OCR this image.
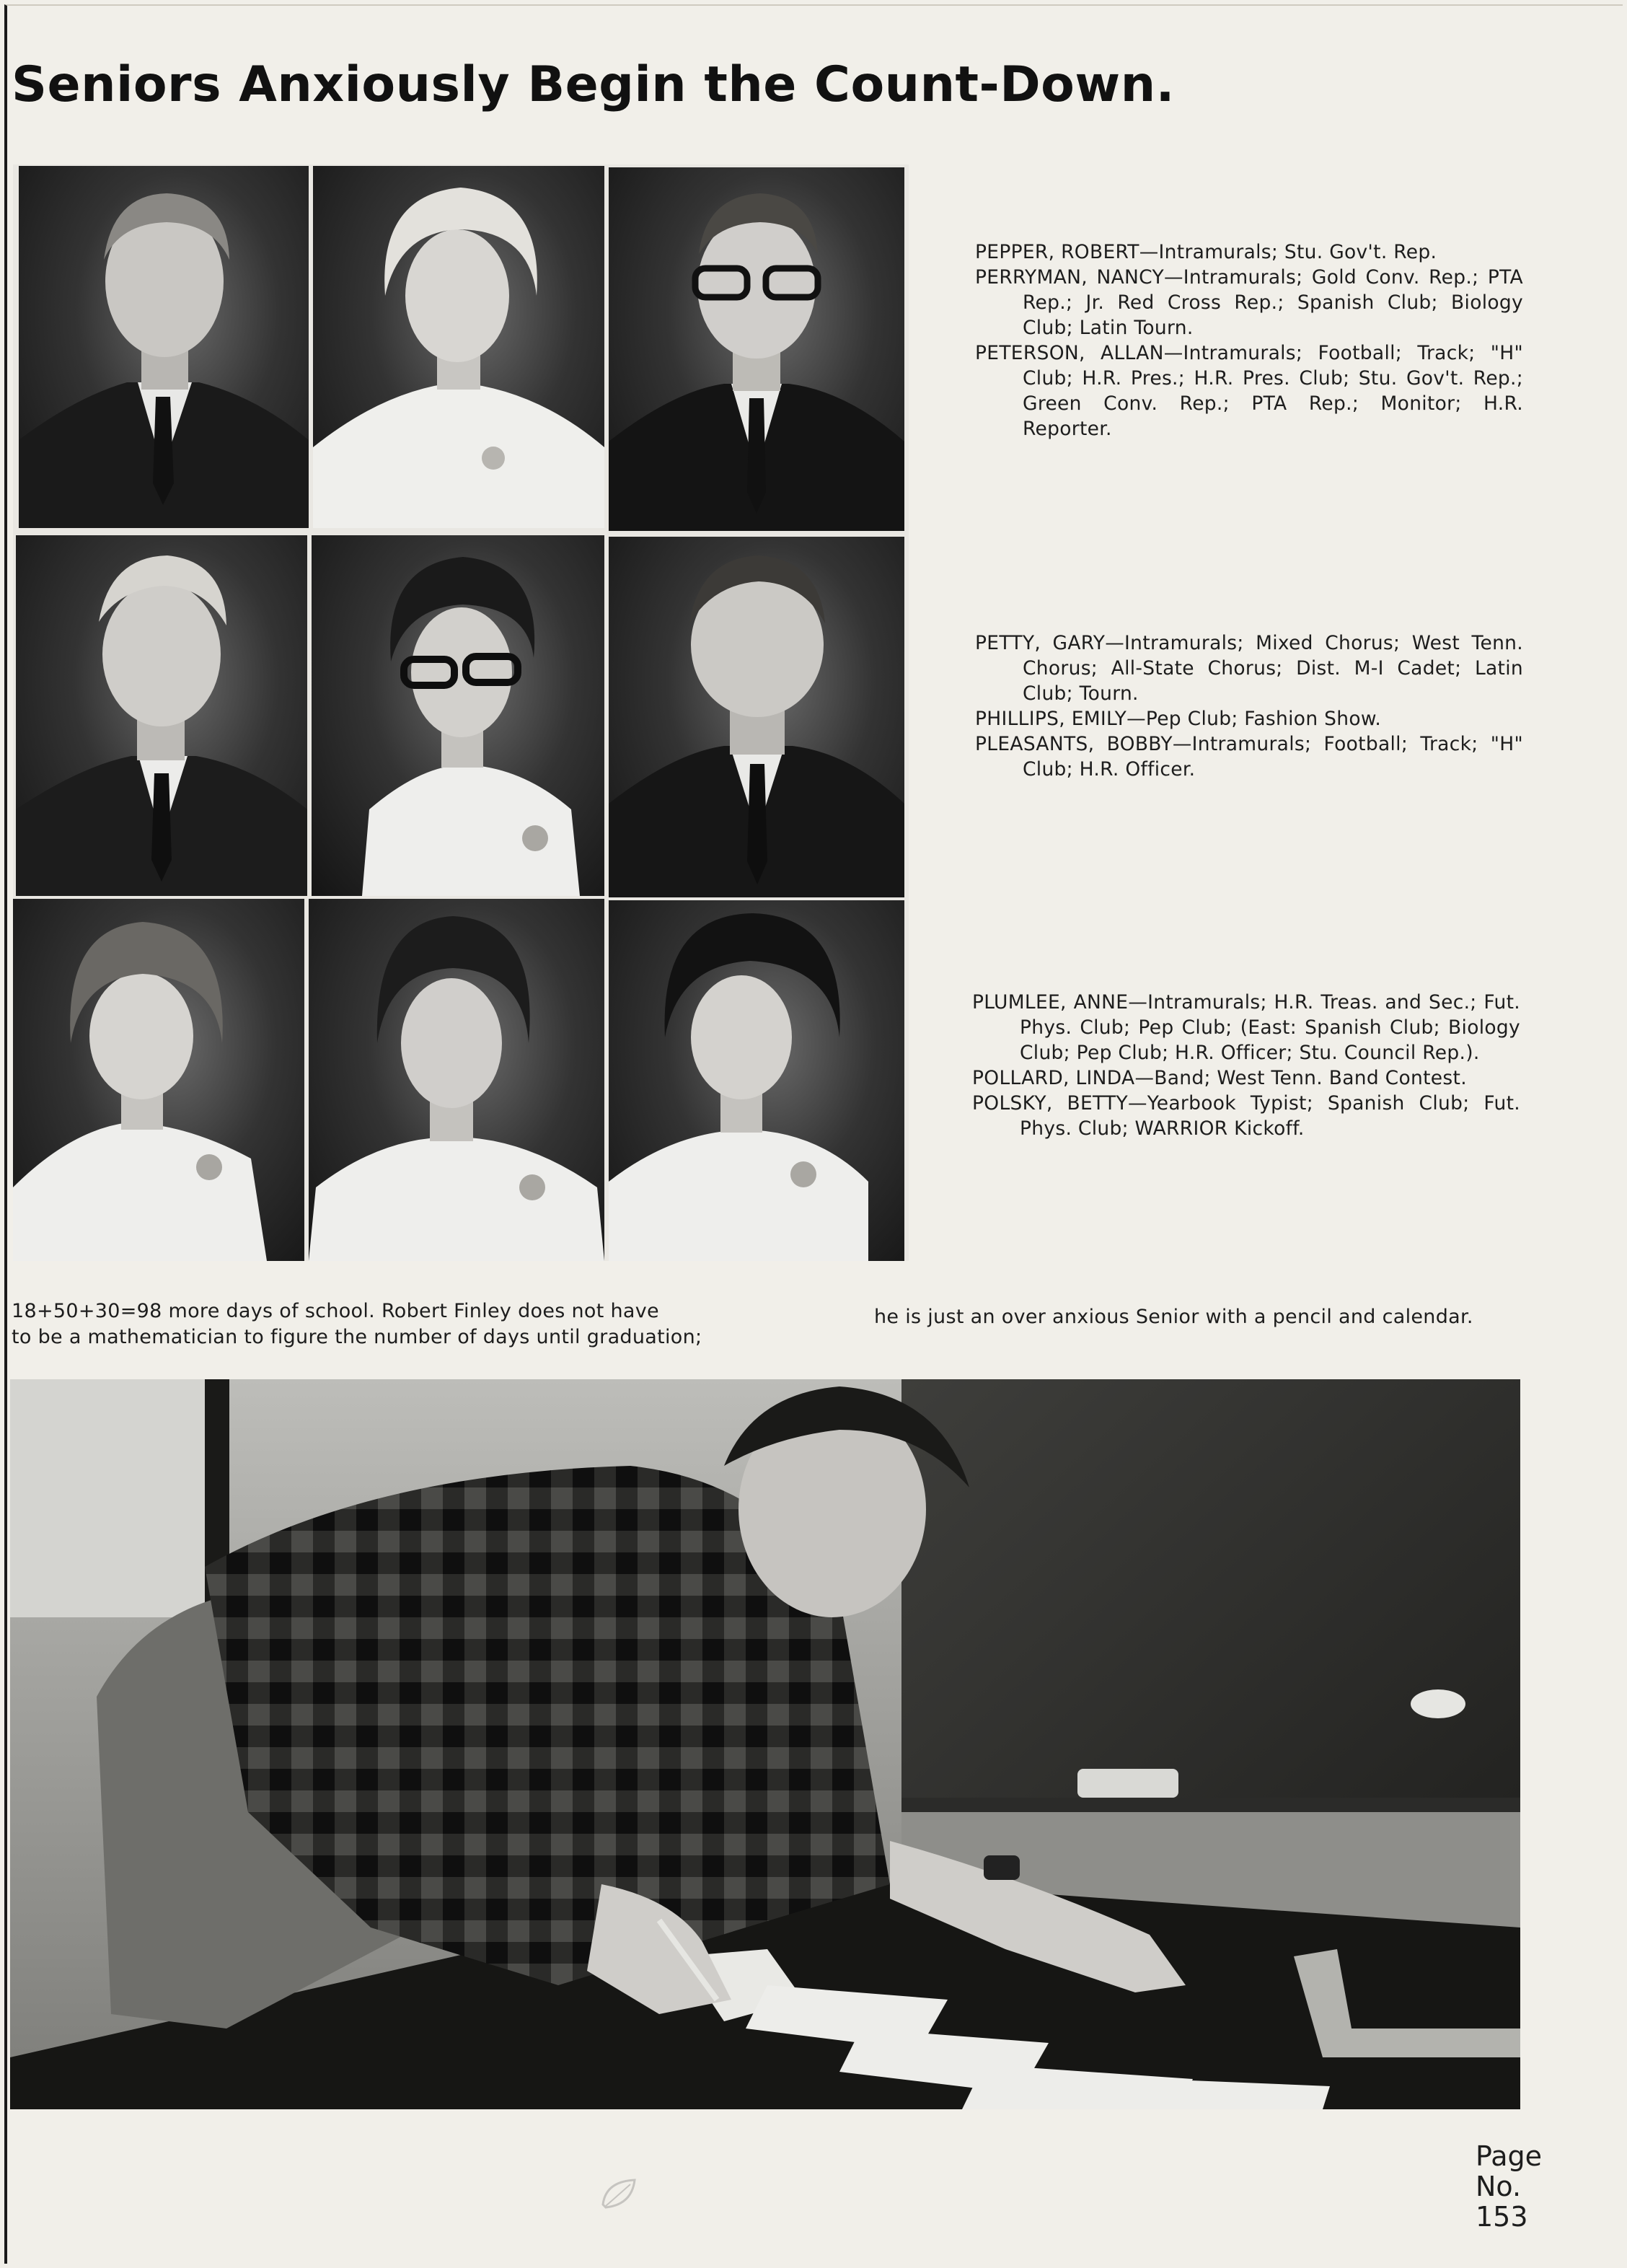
Seniors Anxiously Begin the Count-Down.

PEPPER, ROBERT—Intramurals; Stu. Gov't. Rep.

PERRYMAN, NANCY—Intramurals; Gold Conv. Rep.; PTA Rep.; Jr. Red Cross Rep.; Spanish Club; Biology Club; Latin Tourn.

PETERSON, ALLAN—Intramurals; Football; Track; "H" Club; H.R. Pres.; H.R. Pres. Club; Stu. Gov't. Rep.; Green Conv. Rep.; PTA Rep.; Monitor; H.R. Reporter.

PETTY, GARY—Intramurals; Mixed Chorus; West Tenn. Chorus; All-State Chorus; Dist. M-I Cadet; Latin Club; Tourn.

PHILLIPS, EMILY—Pep Club; Fashion Show.

PLEASANTS, BOBBY—Intramurals; Football; Track; "H" Club; H.R. Officer.

PLUMLEE, ANNE—Intramurals; H.R. Treas. and Sec.; Fut. Phys. Club; Pep Club; (East: Spanish Club; Biology Club; Pep Club; H.R. Officer; Stu. Council Rep.).

POLLARD, LINDA—Band; West Tenn. Band Contest.

POLSKY, BETTY—Yearbook Typist; Spanish Club; Fut. Phys. Club; WARRIOR Kickoff.

18+50+30=98 more days of school. Robert Finley does not have
to be a mathematician to figure the number of days until graduation;
he is just an over anxious Senior with a pencil and calendar.
Page
No.
153
